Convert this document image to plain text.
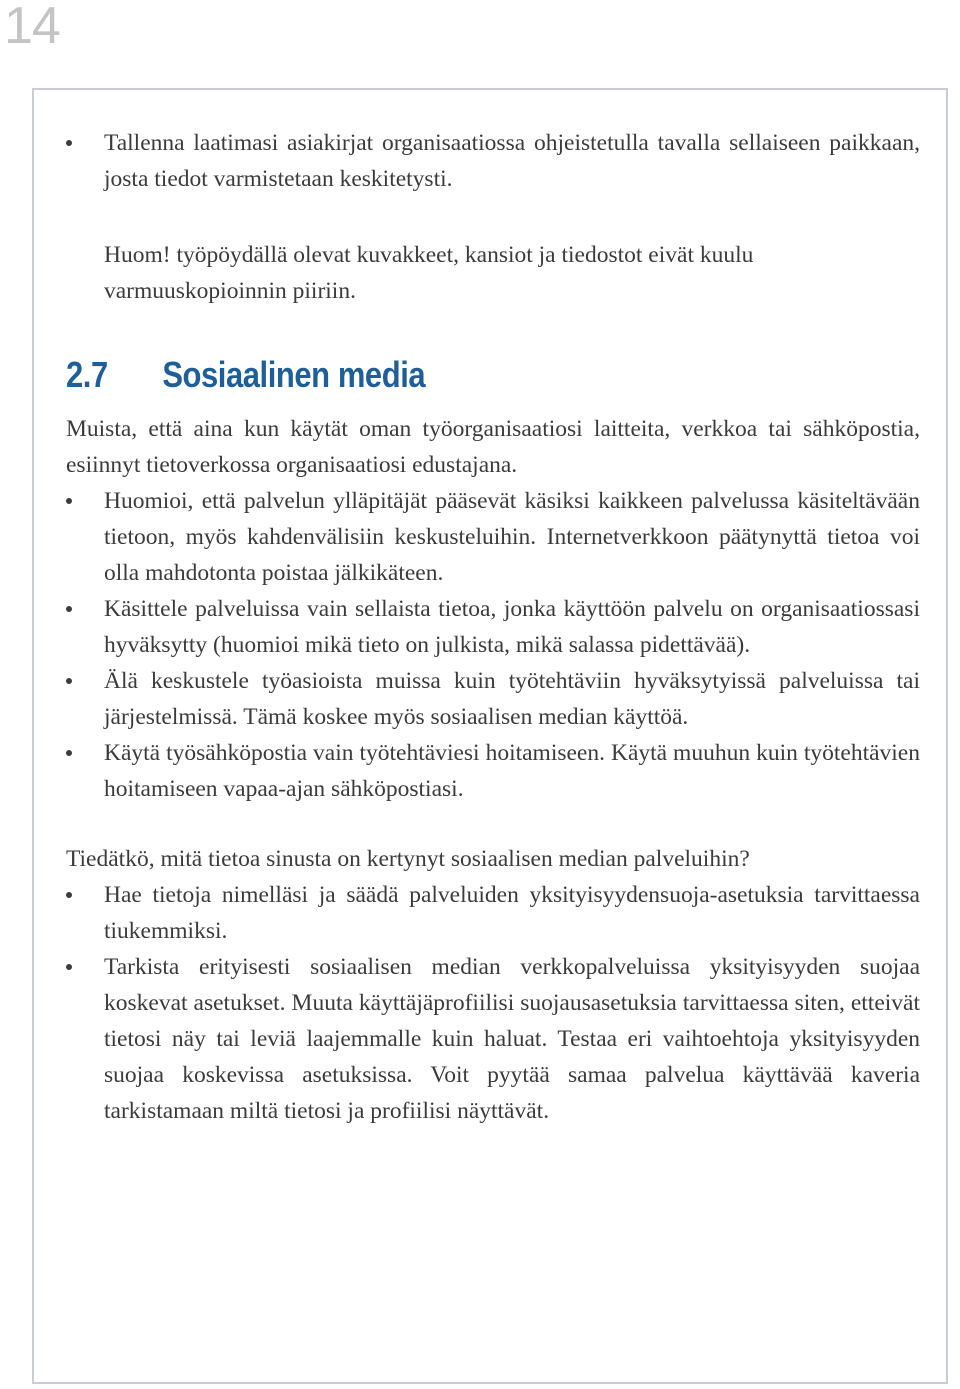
14
Tallenna laatimasi asiakirjat organisaatiossa ohjeistetulla tavalla sellaiseen paikkaan, josta tiedot varmistetaan keskitetysti.
Huom! työpöydällä olevat kuvakkeet, kansiot ja tiedostot eivät kuulu varmuuskopioinnin piiriin.
2.7	Sosiaalinen media

Muista, että aina kun käytät oman työorganisaatiosi laitteita, verkkoa tai sähköpostia, esiinnyt tietoverkossa organisaatiosi edustajana.

Huomioi, että palvelun ylläpitäjät pääsevät käsiksi kaikkeen palvelussa käsiteltävään tietoon, myös kahdenvälisiin keskusteluihin. Internetverkkoon päätynyttä tietoa voi olla mahdotonta poistaa jälkikäteen.
Käsittele palveluissa vain sellaista tietoa, jonka käyttöön palvelu on organisaatiossasi hyväksytty (huomioi mikä tieto on julkista, mikä salassa pidettävää).
Älä keskustele työasioista muissa kuin työtehtäviin hyväksytyissä palveluissa tai järjestelmissä. Tämä koskee myös sosiaalisen median käyttöä.
Käytä työsähköpostia vain työtehtäviesi hoitamiseen. Käytä muuhun kuin työtehtävien hoitamiseen vapaa-ajan sähköpostiasi.

Tiedätkö, mitä tietoa sinusta on kertynyt sosiaalisen median palveluihin?

Hae tietoja nimelläsi ja säädä palveluiden yksityisyydensuoja-asetuksia tarvittaessa tiukemmiksi.
Tarkista erityisesti sosiaalisen median verkkopalveluissa yksityisyyden suojaa koskevat asetukset. Muuta käyttäjäprofiilisi suojausasetuksia tarvittaessa siten, etteivät tietosi näy tai leviä laajemmalle kuin haluat. Testaa eri vaihtoehtoja yksityisyyden suojaa koskevissa asetuksissa. Voit pyytää samaa palvelua käyttävää kaveria tarkistamaan miltä tietosi ja profiilisi näyttävät.
